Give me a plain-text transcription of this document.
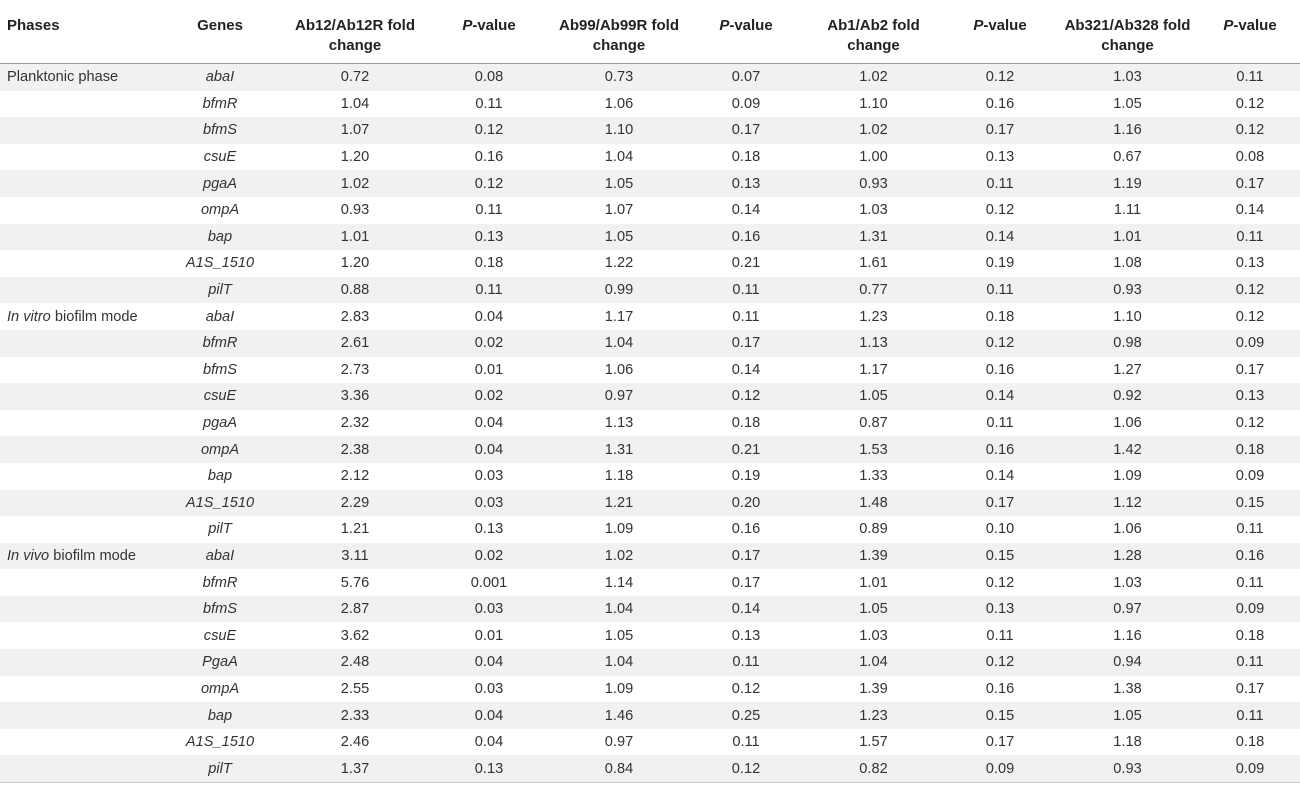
Phases	Genes	Ab12/Ab12R fold change	P-value	Ab99/Ab99R fold change	P-value	Ab1/Ab2 fold change	P-value	Ab321/Ab328 fold change	P-value
Planktonic phase	abaI	0.72	0.08	0.73	0.07	1.02	0.12	1.03	0.11
	bfmR	1.04	0.11	1.06	0.09	1.10	0.16	1.05	0.12
	bfmS	1.07	0.12	1.10	0.17	1.02	0.17	1.16	0.12
	csuE	1.20	0.16	1.04	0.18	1.00	0.13	0.67	0.08
	pgaA	1.02	0.12	1.05	0.13	0.93	0.11	1.19	0.17
	ompA	0.93	0.11	1.07	0.14	1.03	0.12	1.11	0.14
	bap	1.01	0.13	1.05	0.16	1.31	0.14	1.01	0.11
	A1S_1510	1.20	0.18	1.22	0.21	1.61	0.19	1.08	0.13
	pilT	0.88	0.11	0.99	0.11	0.77	0.11	0.93	0.12
In vitro biofilm mode	abaI	2.83	0.04	1.17	0.11	1.23	0.18	1.10	0.12
	bfmR	2.61	0.02	1.04	0.17	1.13	0.12	0.98	0.09
	bfmS	2.73	0.01	1.06	0.14	1.17	0.16	1.27	0.17
	csuE	3.36	0.02	0.97	0.12	1.05	0.14	0.92	0.13
	pgaA	2.32	0.04	1.13	0.18	0.87	0.11	1.06	0.12
	ompA	2.38	0.04	1.31	0.21	1.53	0.16	1.42	0.18
	bap	2.12	0.03	1.18	0.19	1.33	0.14	1.09	0.09
	A1S_1510	2.29	0.03	1.21	0.20	1.48	0.17	1.12	0.15
	pilT	1.21	0.13	1.09	0.16	0.89	0.10	1.06	0.11
In vivo biofilm mode	abaI	3.11	0.02	1.02	0.17	1.39	0.15	1.28	0.16
	bfmR	5.76	0.001	1.14	0.17	1.01	0.12	1.03	0.11
	bfmS	2.87	0.03	1.04	0.14	1.05	0.13	0.97	0.09
	csuE	3.62	0.01	1.05	0.13	1.03	0.11	1.16	0.18
	PgaA	2.48	0.04	1.04	0.11	1.04	0.12	0.94	0.11
	ompA	2.55	0.03	1.09	0.12	1.39	0.16	1.38	0.17
	bap	2.33	0.04	1.46	0.25	1.23	0.15	1.05	0.11
	A1S_1510	2.46	0.04	0.97	0.11	1.57	0.17	1.18	0.18
	pilT	1.37	0.13	0.84	0.12	0.82	0.09	0.93	0.09
